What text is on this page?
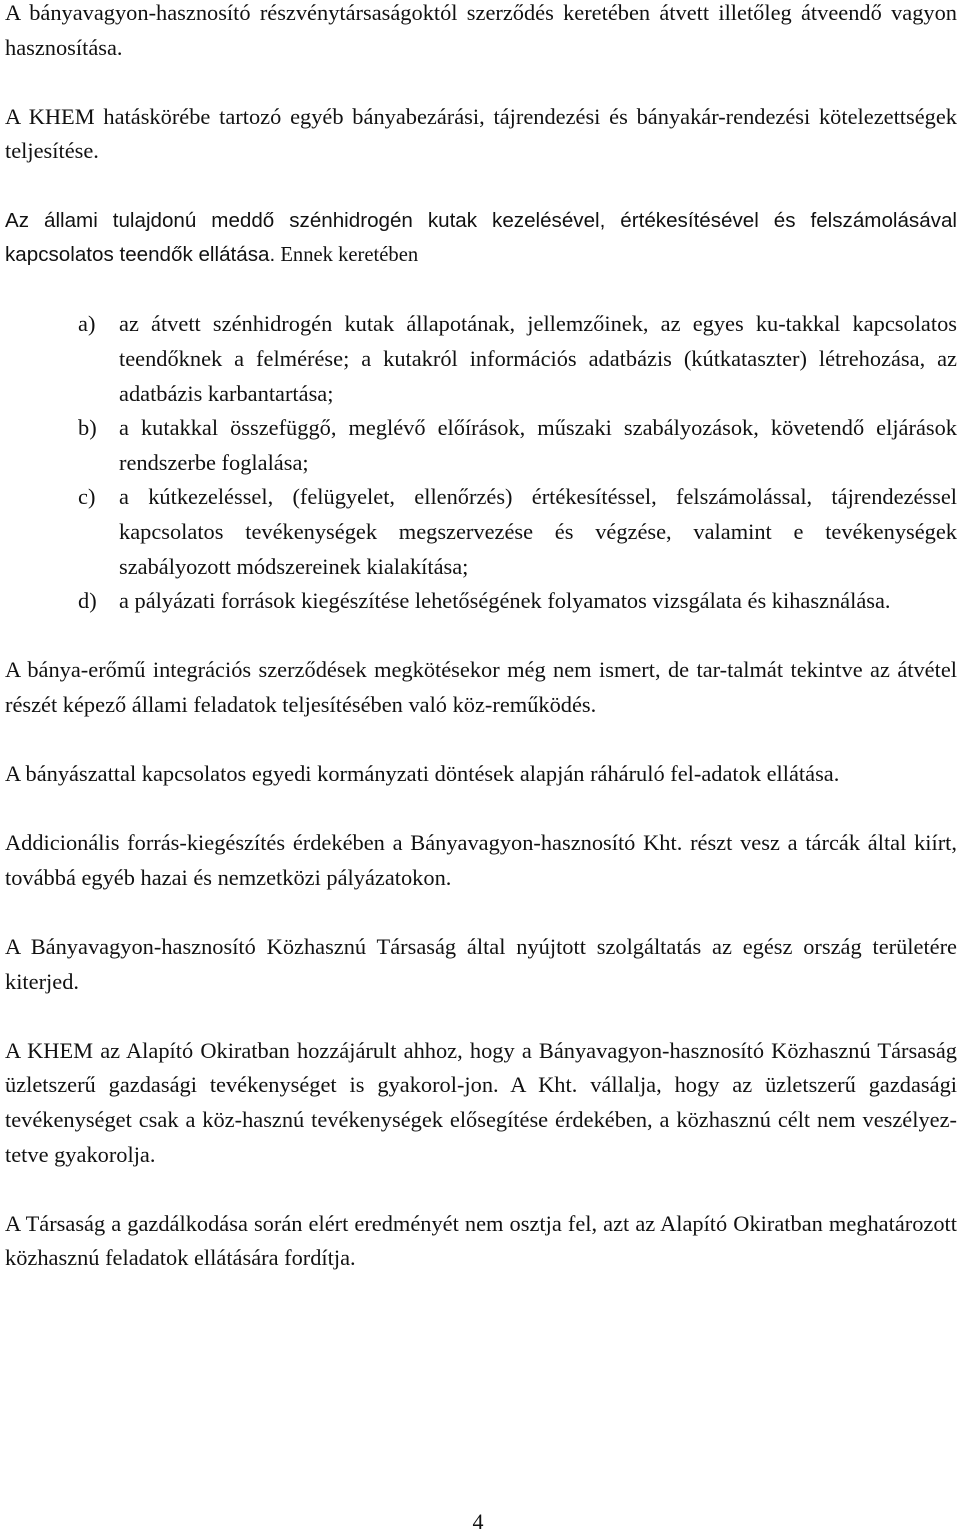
A bányavagyon-hasznosító részvénytársaságoktól szerződés keretében átvett illetőleg átveendő vagyon hasznosítása.

A KHEM hatáskörébe tartozó egyéb bányabezárási, tájrendezési és bányakár-rendezési kötelezettségek teljesítése.

Az állami tulajdonú meddő szénhidrogén kutak kezelésével, értékesítésével és felszámolásával kapcsolatos teendők ellátása. Ennek keretében

a) az átvett szénhidrogén kutak állapotának, jellemzőinek, az egyes ku-takkal kapcsolatos teendőknek a felmérése; a kutakról információs adatbázis (kútkataszter) létrehozása, az adatbázis karbantartása;
b) a kutakkal összefüggő, meglévő előírások, műszaki szabályozások, követendő eljárások rendszerbe foglalása;
c) a kútkezeléssel, (felügyelet, ellenőrzés) értékesítéssel, felszámolással, tájrendezéssel kapcsolatos tevékenységek megszervezése és végzése, valamint e tevékenységek szabályozott módszereinek kialakítása;
d) a pályázati források kiegészítése lehetőségének folyamatos vizsgálata és kihasználása.

A bánya-erőmű integrációs szerződések megkötésekor még nem ismert, de tar-talmát tekintve az átvétel részét képező állami feladatok teljesítésében való köz-reműködés.

A bányászattal kapcsolatos egyedi kormányzati döntések alapján ráháruló fel-adatok ellátása.

Addicionális forrás-kiegészítés érdekében a Bányavagyon-hasznosító Kht. részt vesz a tárcák által kiírt, továbbá egyéb hazai és nemzetközi pályázatokon.

A Bányavagyon-hasznosító Közhasznú Társaság által nyújtott szolgáltatás az egész ország területére kiterjed.

A KHEM az Alapító Okiratban hozzájárult ahhoz, hogy a Bányavagyon-hasznosító Közhasznú Társaság üzletszerű gazdasági tevékenységet is gyakorol-jon. A Kht. vállalja, hogy az üzletszerű gazdasági tevékenységet csak a köz-hasznú tevékenységek elősegítése érdekében, a közhasznú célt nem veszélyez-tetve gyakorolja.

A Társaság a gazdálkodása során elért eredményét nem osztja fel, azt az Alapító Okiratban meghatározott közhasznú feladatok ellátására fordítja.

4
